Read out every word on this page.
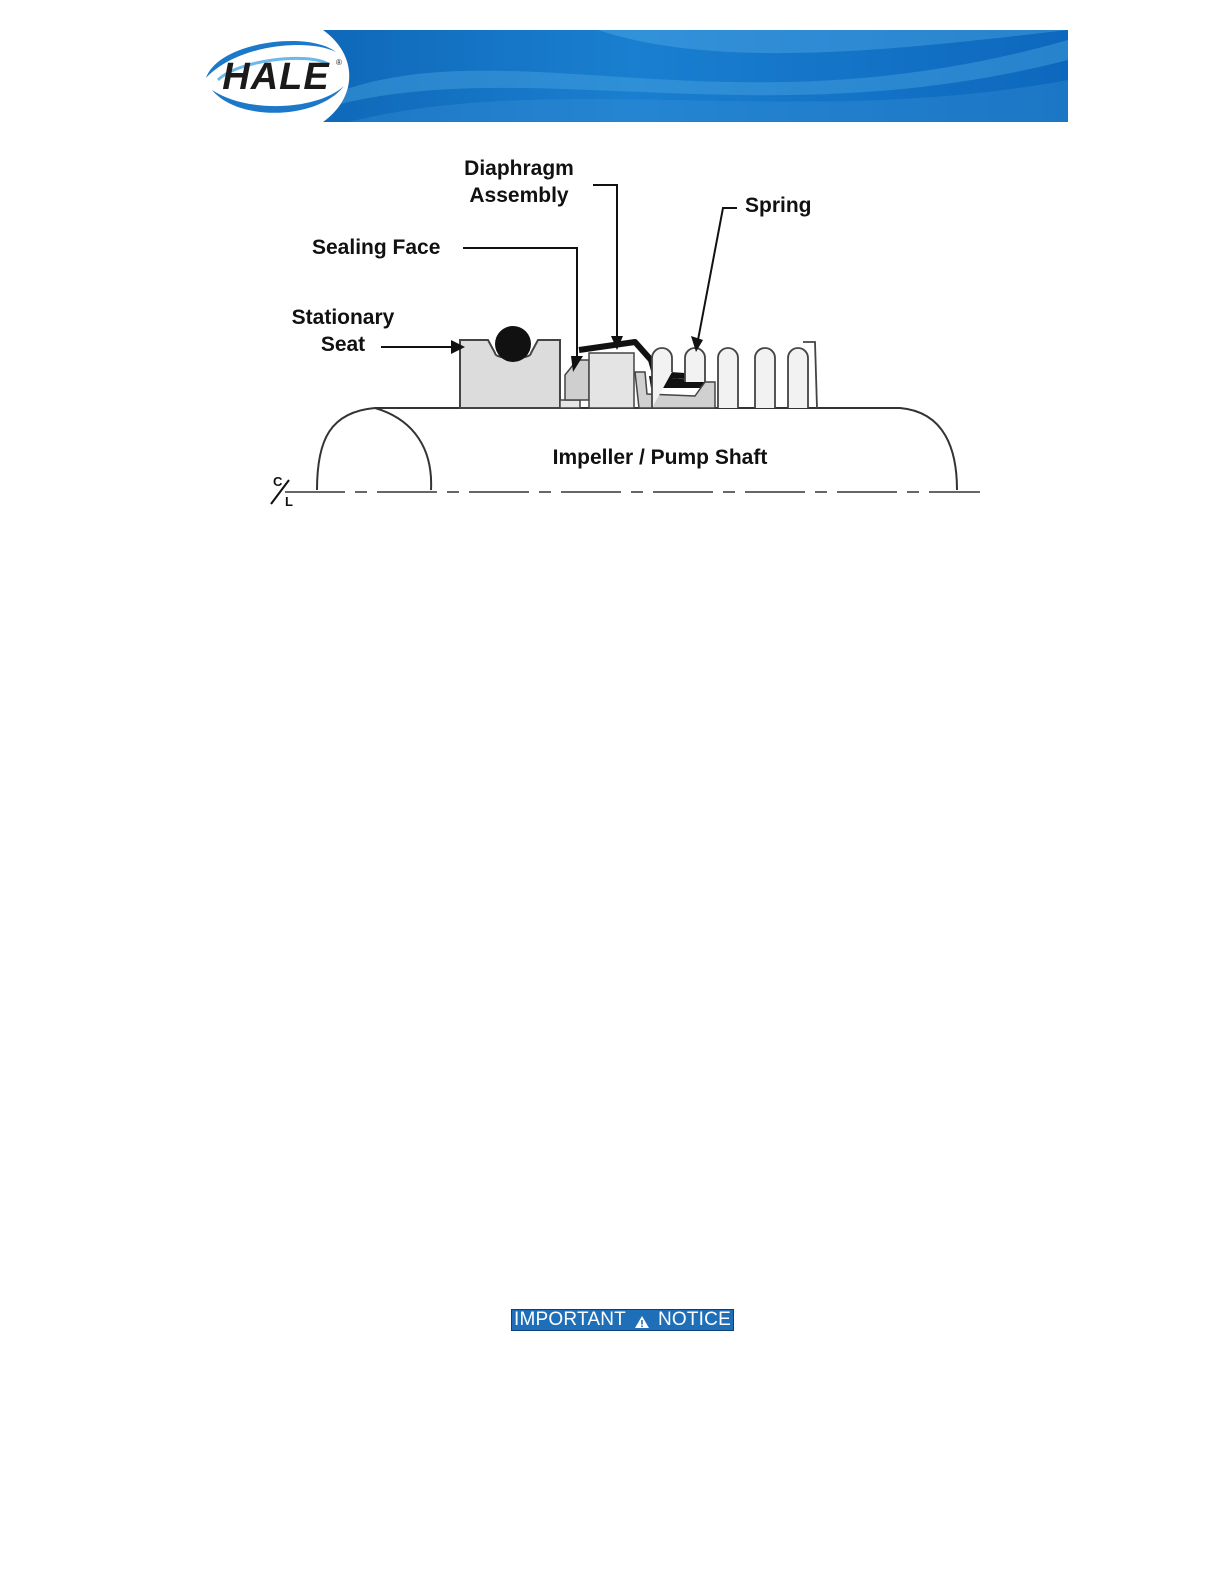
HALE ®
Diaphragm
Assembly	Spring
Sealing Face
Stationary
Seat
Impeller / Pump Shaft
C
L
IMPORTANT NOTICE
